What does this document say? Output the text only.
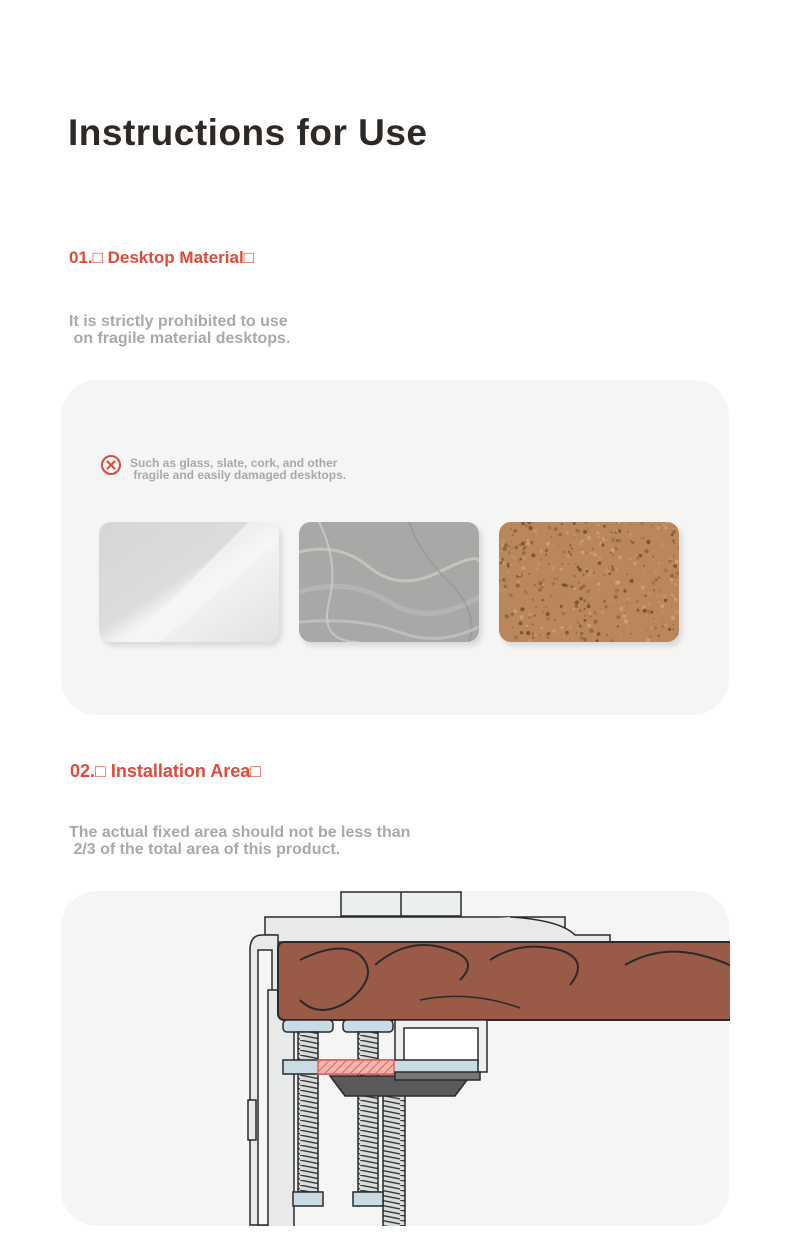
Instructions for Use
01.□ Desktop Material□

It is strictly prohibited to use
on fragile material desktops.

Such as glass, slate, cork, and other
fragile and easily damaged desktops.
02.□ Installation Area□

The actual fixed area should not be less than
2/3 of the total area of this product.
